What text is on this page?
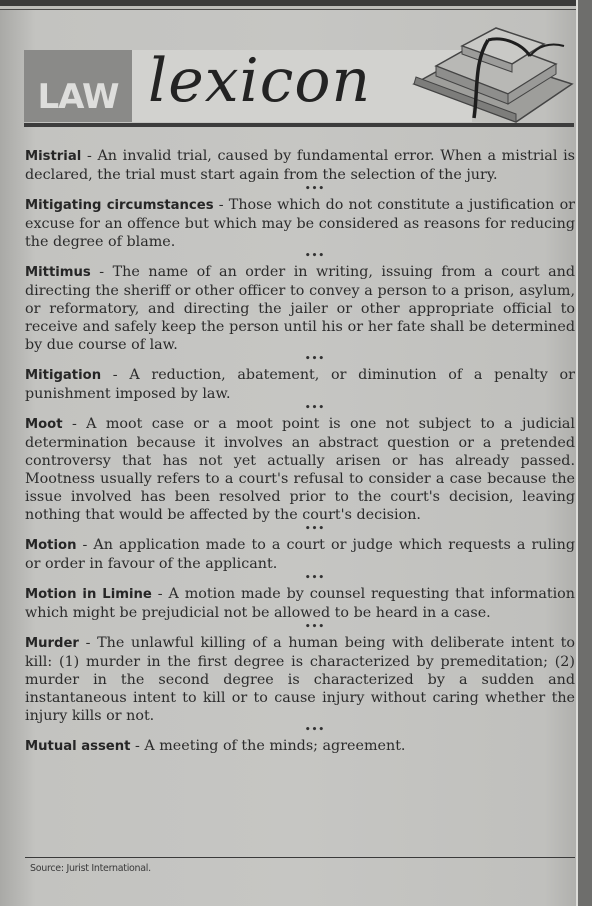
LAW lexicon

Mistrial - An invalid trial, caused by fundamental error. When a mistrial is declared, the trial must start again from the selection of the jury.

•••

Mitigating circumstances - Those which do not constitute a justification or excuse for an offence but which may be considered as reasons for reducing the degree of blame.

•••

Mittimus - The name of an order in writing, issuing from a court and directing the sheriff or other officer to convey a person to a prison, asylum, or reformatory, and directing the jailer or other appropriate official to receive and safely keep the person until his or her fate shall be determined by due course of law.

•••

Mitigation - A reduction, abatement, or diminution of a penalty or punishment imposed by law.

•••

Moot - A moot case or a moot point is one not subject to a judicial determination because it involves an abstract question or a pretended controversy that has not yet actually arisen or has already passed. Mootness usually refers to a court's refusal to consider a case because the issue involved has been resolved prior to the court's decision, leaving nothing that would be affected by the court's decision.

•••

Motion - An application made to a court or judge which requests a ruling or order in favour of the applicant.

•••

Motion in Limine - A motion made by counsel requesting that information which might be prejudicial not be allowed to be heard in a case.

•••

Murder - The unlawful killing of a human being with deliberate intent to kill: (1) murder in the first degree is characterized by premeditation; (2) murder in the second degree is characterized by a sudden and instantaneous intent to kill or to cause injury without caring whether the injury kills or not.

•••

Mutual assent - A meeting of the minds; agreement.

Source: Jurist International.
